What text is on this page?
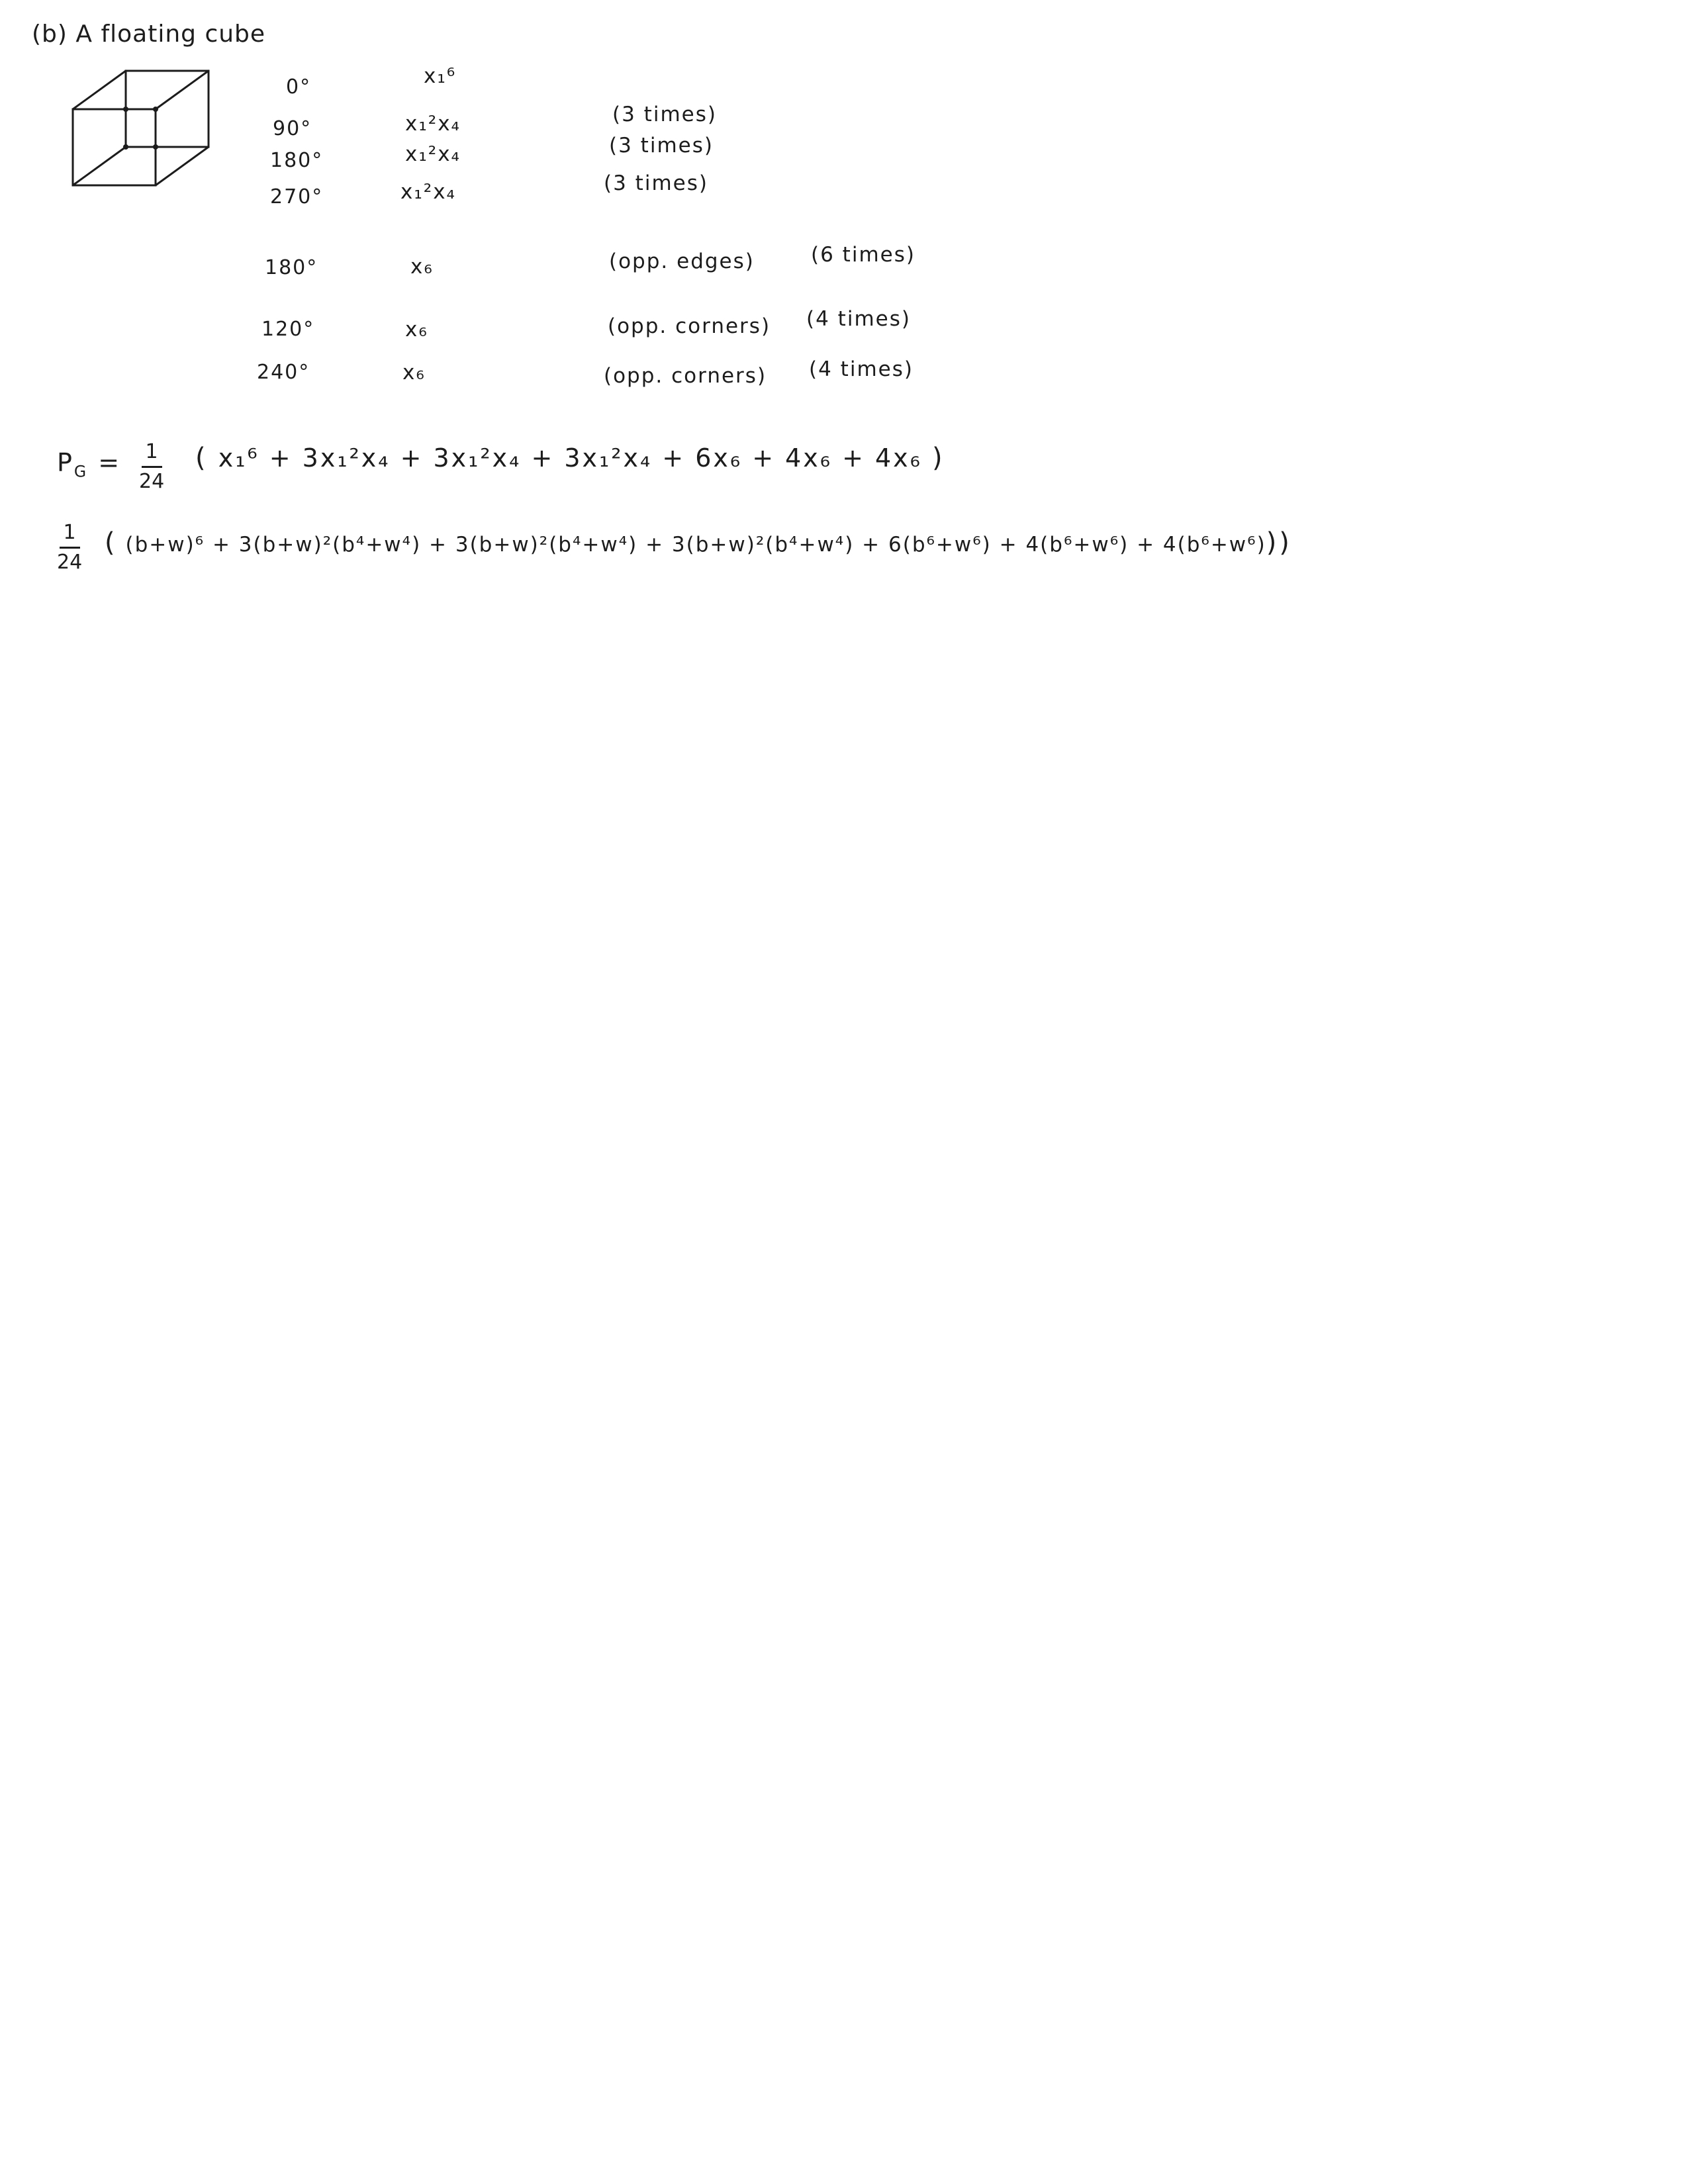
(b) A floating cube
0°	x₁⁶
90°	x₁²x₄	(3 times)
180°	x₁²x₄	(3 times)
270°	x₁²x₄	(3 times)
180°	x₆	(opp. edges)	(6 times)
120°	x₆	(opp. corners) (4 times)
240°	x₆	(opp. corners) (4 times)
$P_G = \frac{1}{24}$ ( x₁⁶ + 3x₁²x₄ + 3x₁²x₄ + 3x₁²x₄ + 6x₆ + 4x₆ + 4x₆ )
$\frac{1}{24}$ ( (b+w)⁶ + 3(b+w)²(b⁴+w⁴) + 3(b+w)²(b⁴+w⁴) + 3(b+w)²(b⁴+w⁴) + 6(b⁶+w⁶) + 4(b⁶+w⁶) + 4(b⁶+w⁶)))
